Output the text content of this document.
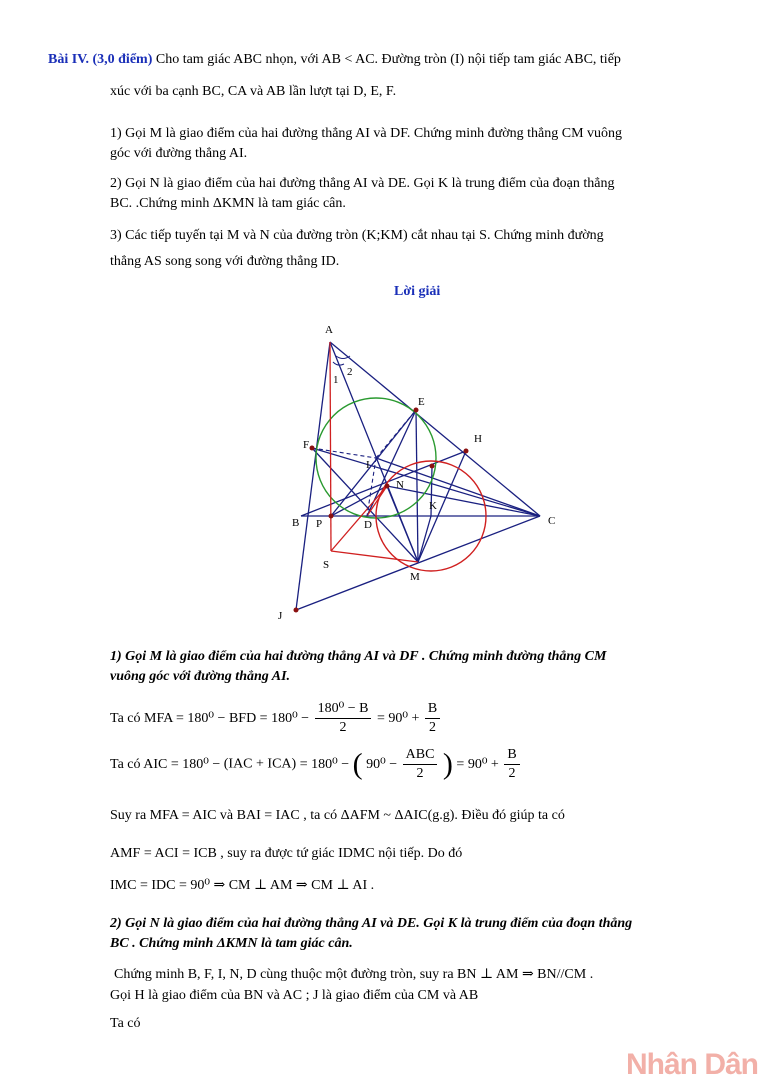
Bài IV. (3,0 điểm) Cho tam giác ABC nhọn, với AB < AC. Đường tròn (I) nội tiếp tam giác ABC, tiếp
xúc với ba cạnh BC, CA và AB lần lượt tại D, E, F.
1) Gọi M là giao điểm của hai đường thẳng AI và DF. Chứng minh đường thẳng CM vuông
góc với đường thẳng AI.
2) Gọi N là giao điểm của hai đường thẳng AI và DE. Gọi K là trung điểm của đoạn thẳng
BC. .Chứng minh ΔKMN là tam giác cân.
3) Các tiếp tuyến tại M và N của đường tròn (K;KM) cắt nhau tại S. Chứng minh đường
thẳng AS song song với đường thẳng ID.
Lời giải
A
1
2
E
H
F
I
N
K
B P	D	C
S
M
J
1) Gọi M là giao điểm của hai đường thẳng AI và DF . Chứng minh đường thẳng CM
vuông góc với đường thẳng AI.
Ta có MFA = 180⁰ − BFD = $180^0 - \frac{\text{180⁰ − B}}{2} = 90^0 + \frac{B}{2}$
Ta có AIC = 180⁰ − (IAC + ICA) = 180⁰ − ( $90^0 - \frac{\text{ABC}}{2}$ ) = $90^0 + \frac{B}{2}$
Suy ra MFA = AIC và BAI = IAC , ta có ΔAFM ~ ΔAIC(g.g). Điều đó giúp ta có
AMF = ACI = ICB , suy ra được tứ giác IDMC nội tiếp. Do đó
IMC = IDC = 90⁰ ⇒ CM ⊥ AM ⇒ CM ⊥ AI .
2) Gọi N là giao điểm của hai đường thẳng AI và DE. Gọi K là trung điểm của đoạn thẳng
BC . Chứng minh ΔKMN là tam giác cân.
Chứng minh B, F, I, N, D cùng thuộc một đường tròn, suy ra BN ⊥ AM ⇒ BN//CM .
Gọi H là giao điểm của BN và AC ; J là giao điểm của CM và AB
Ta có
Nhân Dân
